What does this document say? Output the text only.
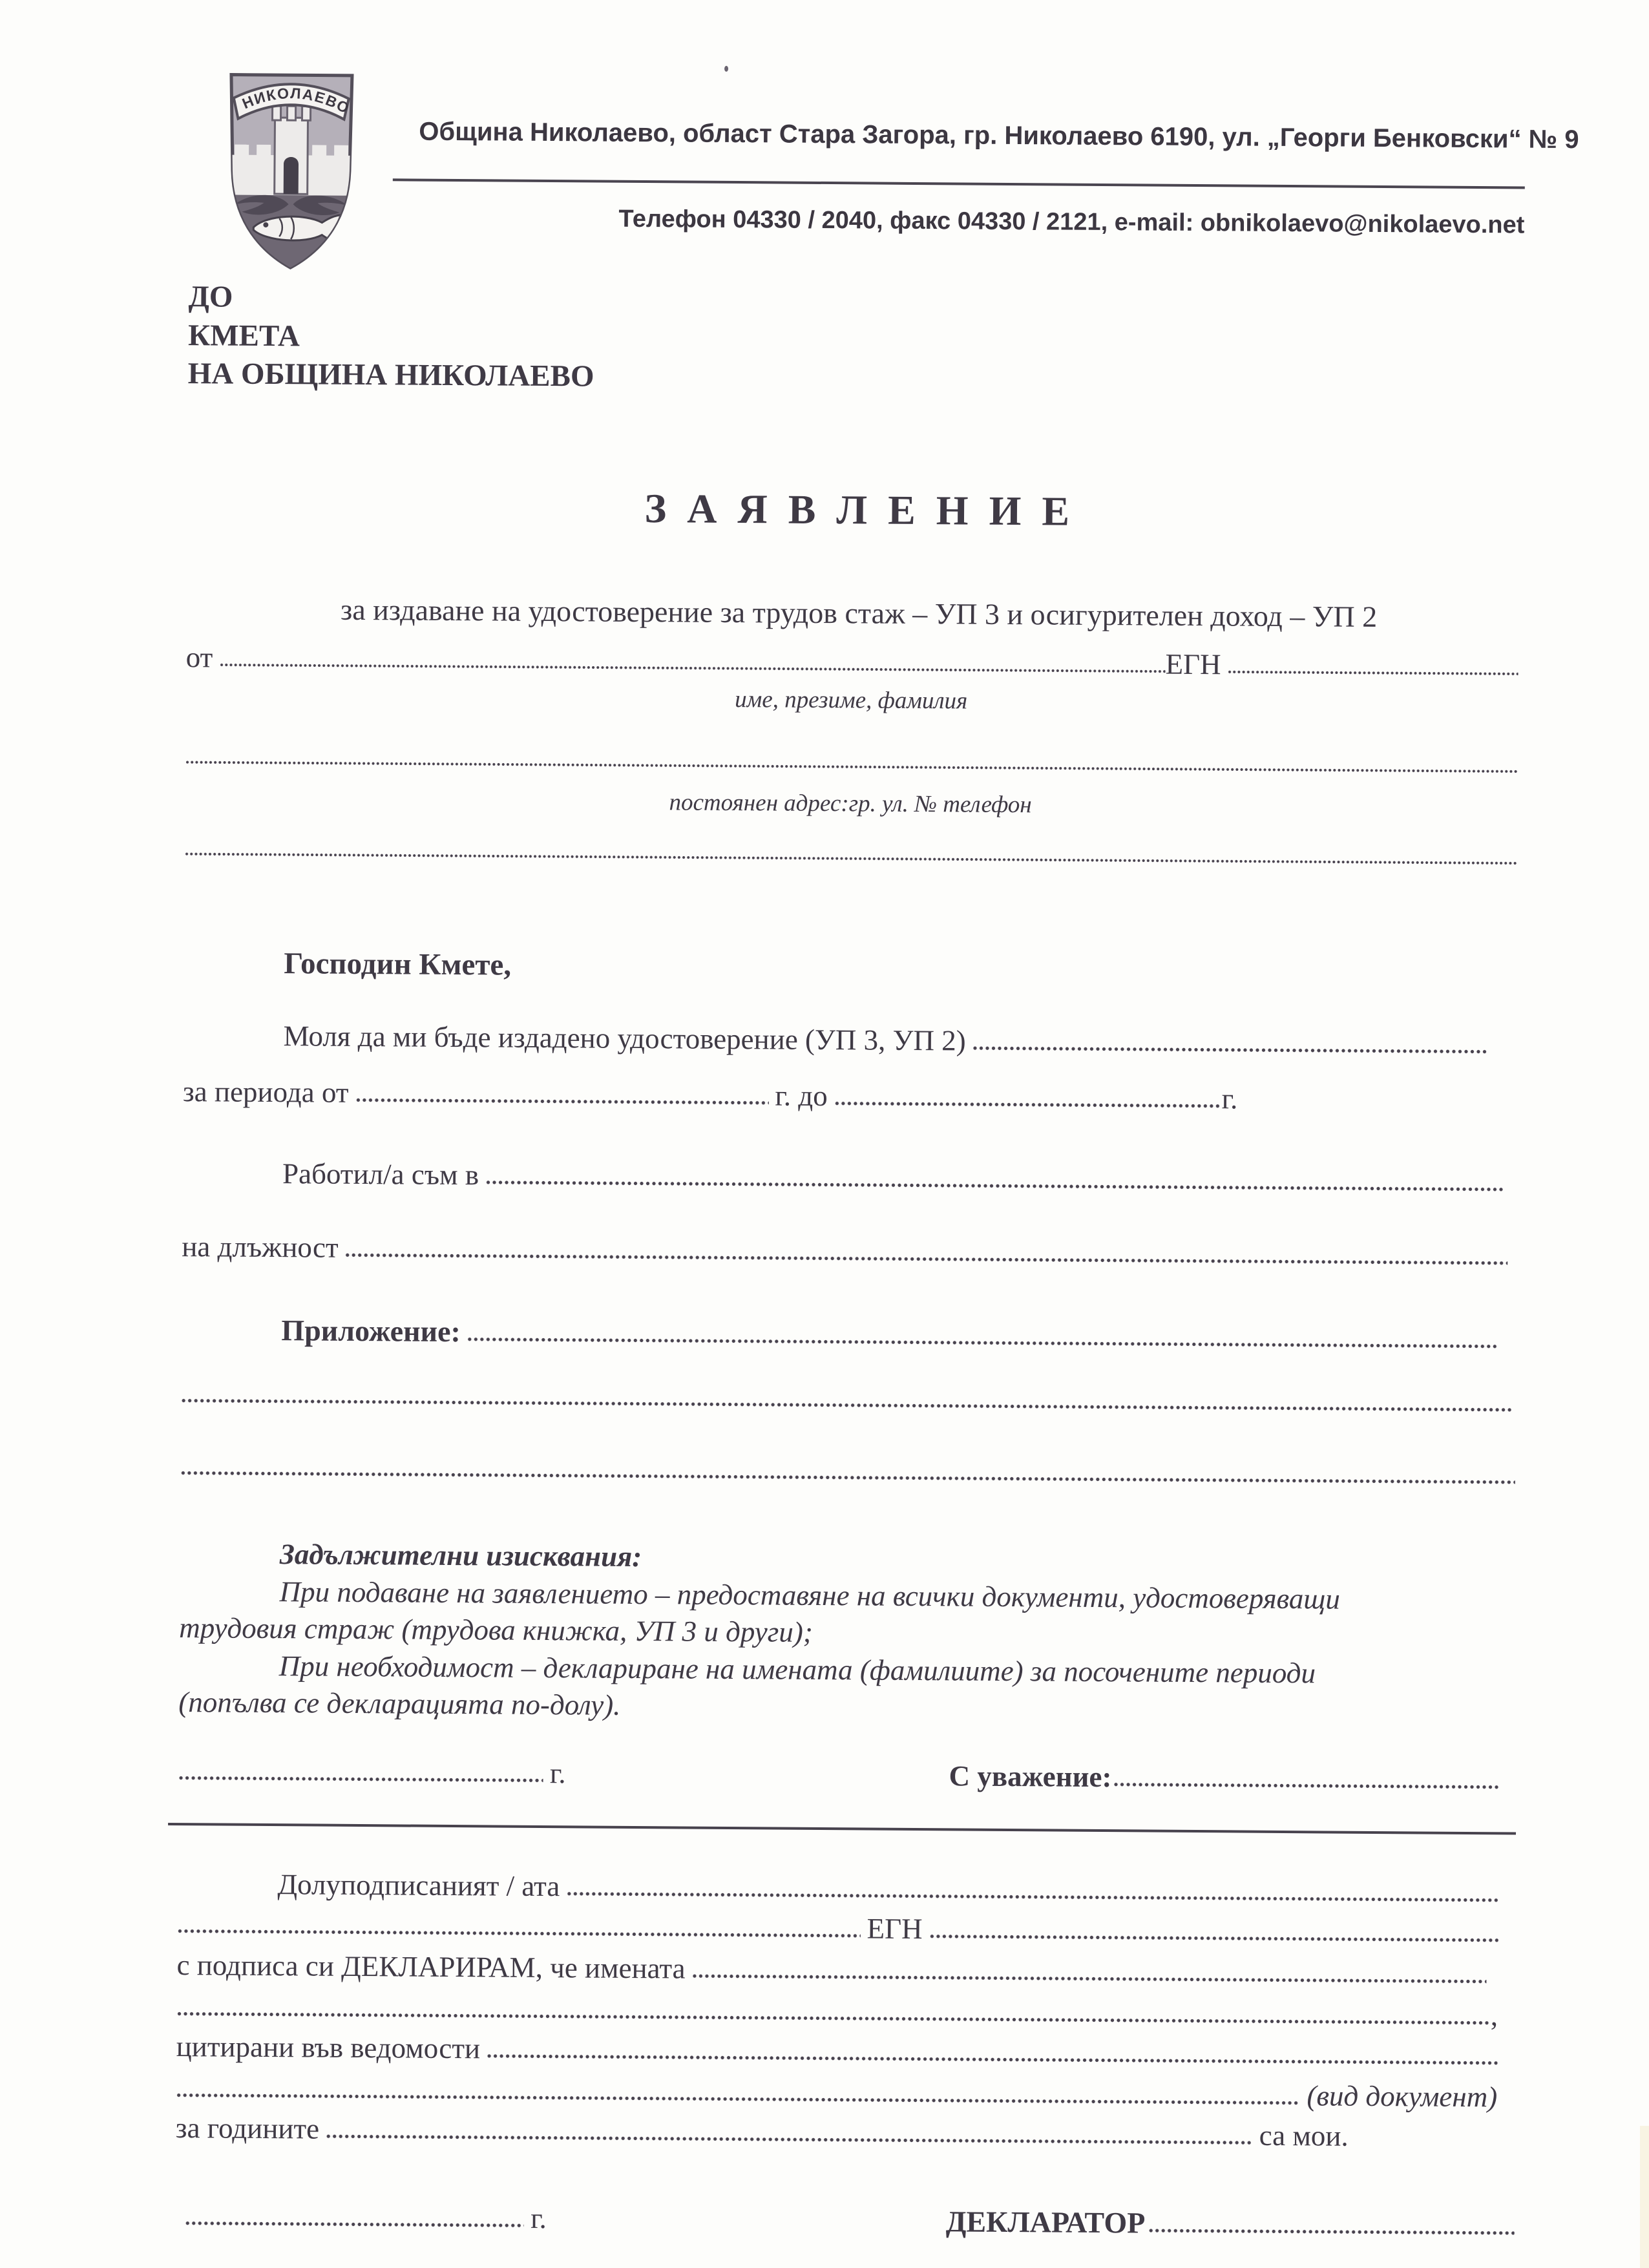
НИКОЛАЕВО
Община Николаево, област Стара Загора, гр. Николаево 6190, ул. „Георги Бенковски“ № 9
Телефон 04330 / 2040, факс 04330 / 2121, e-mail: obnikolaevo@nikolaevo.net
ДО
КМЕТА
НА ОБЩИНА НИКОЛАЕВО
З А Я В Л Е Н И Е
за издаване на удостоверение за трудов стаж – УП 3 и осигурителен доход – УП 2
от	ЕГН
име, презиме, фамилия
постоянен адрес:гр. ул. № телефон
Господин Кмете,
Моля да ми бъде издадено удостоверение (УП 3, УП 2)
за периода от	г. до	г.
Работил/а съм в
на длъжност
Приложение:
Задължителни изисквания:
При подаване на заявлението – предоставяне на всички документи, удостоверяващи
трудовия страж (трудова книжка, УП 3 и други);
При необходимост – деклариране на имената (фамилиите) за посочените периоди
(попълва се декларацията по-долу).
г.	С уважение:
Долуподписаният / ата
ЕГН
с подписа си ДЕКЛАРИРАМ, че имената
,
цитирани във ведомости
(вид документ)
за годините	са мои.
г.	ДЕКЛАРАТОР
